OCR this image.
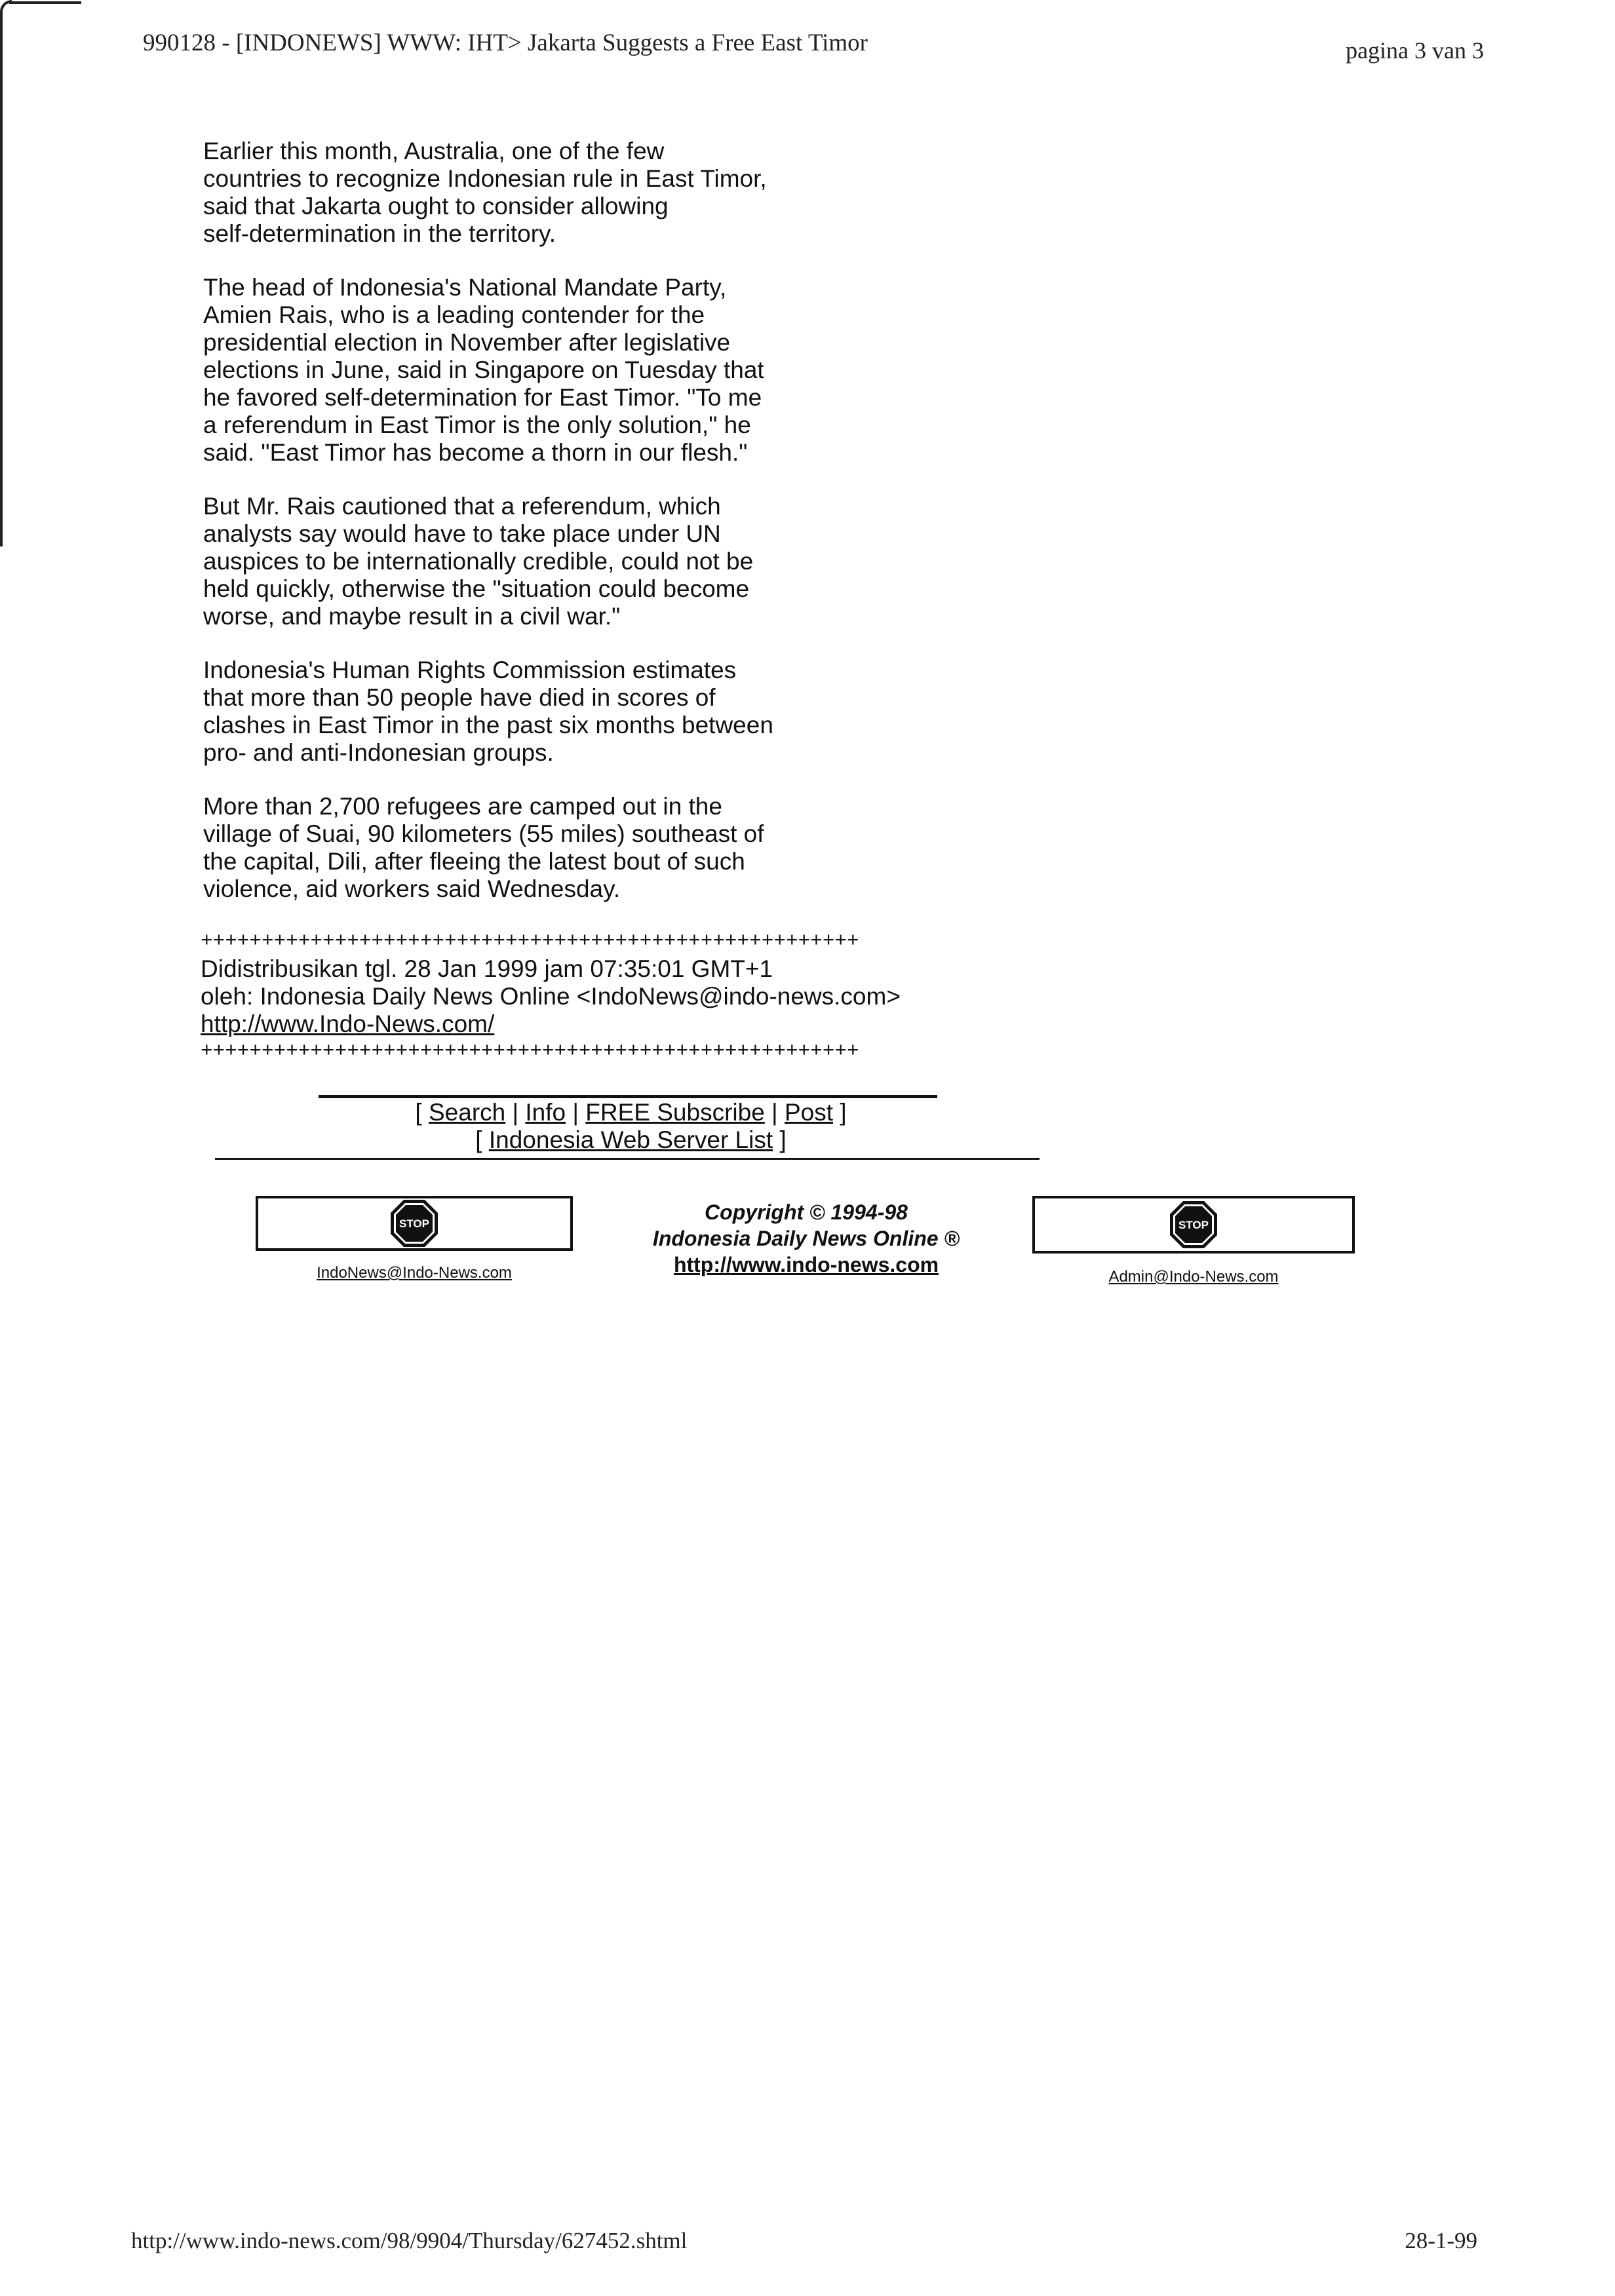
990128 - [INDONEWS] WWW: IHT> Jakarta Suggests a Free East Timor	pagina 3 van 3

Earlier this month, Australia, one of the few
countries to recognize Indonesian rule in East Timor,
said that Jakarta ought to consider allowing
self-determination in the territory.

The head of Indonesia's National Mandate Party,
Amien Rais, who is a leading contender for the
presidential election in November after legislative
elections in June, said in Singapore on Tuesday that
he favored self-determination for East Timor. "To me
a referendum in East Timor is the only solution," he
said. "East Timor has become a thorn in our flesh."

But Mr. Rais cautioned that a referendum, which
analysts say would have to take place under UN
auspices to be internationally credible, could not be
held quickly, otherwise the "situation could become
worse, and maybe result in a civil war."

Indonesia's Human Rights Commission estimates
that more than 50 people have died in scores of
clashes in East Timor in the past six months between
pro- and anti-Indonesian groups.

More than 2,700 refugees are camped out in the
village of Suai, 90 kilometers (55 miles) southeast of
the capital, Dili, after fleeing the latest bout of such
violence, aid workers said Wednesday.

++++++++++++++++++++++++++++++++++++++++++++++++++++++
Didistribusikan tgl. 28 Jan 1999 jam 07:35:01 GMT+1
oleh: Indonesia Daily News Online <IndoNews@indo-news.com>
http://www.Indo-News.com/
++++++++++++++++++++++++++++++++++++++++++++++++++++++
[ Search | Info | FREE Subscribe | Post ]
[ Indonesia Web Server List ]
STOP
IndoNews@Indo-News.com
Copyright © 1994-98
Indonesia Daily News Online ®
http://www.indo-news.com
STOP
Admin@Indo-News.com
http://www.indo-news.com/98/9904/Thursday/627452.shtml	28-1-99
